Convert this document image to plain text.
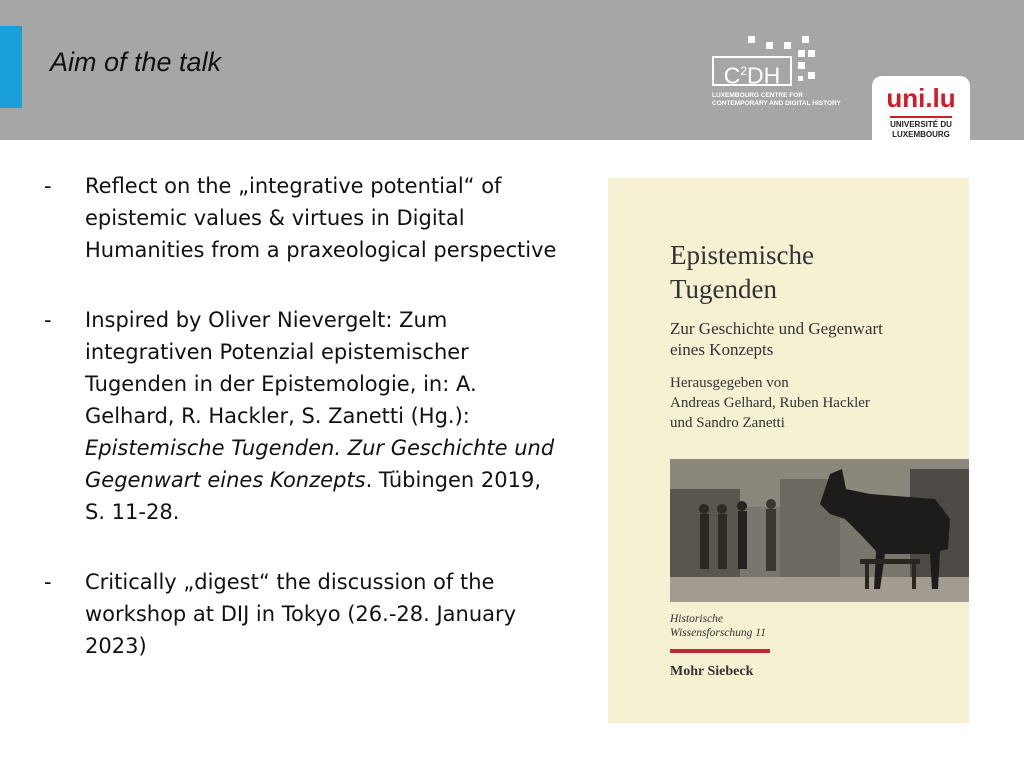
Aim of the talk	$C^2DH$
LUXEMBOURG CENTRE FOR
CONTEMPORARY AND DIGITAL HISTORY	uni.lu
UNIVERSITÉ DU
LUXEMBOURG
- Reflect on the „integrative potential“ of epistemic values & virtues in Digital Humanities from a praxeological perspective
- Inspired by Oliver Nievergelt: Zum integrativen Potenzial epistemischer Tugenden in der Epistemologie, in: A. Gelhard, R. Hackler, S. Zanetti (Hg.): Epistemische Tugenden. Zur Geschichte und Gegenwart eines Konzepts. Tübingen 2019, S. 11-28.
- Critically „digest“ the discussion of the workshop at DIJ in Tokyo (26.-28. January 2023)
Epistemische
Tugenden
Zur Geschichte und Gegenwart
eines Konzepts
Herausgegeben von
Andreas Gelhard, Ruben Hackler
und Sandro Zanetti
Historische
Wissensforschung 11
Mohr Siebeck
